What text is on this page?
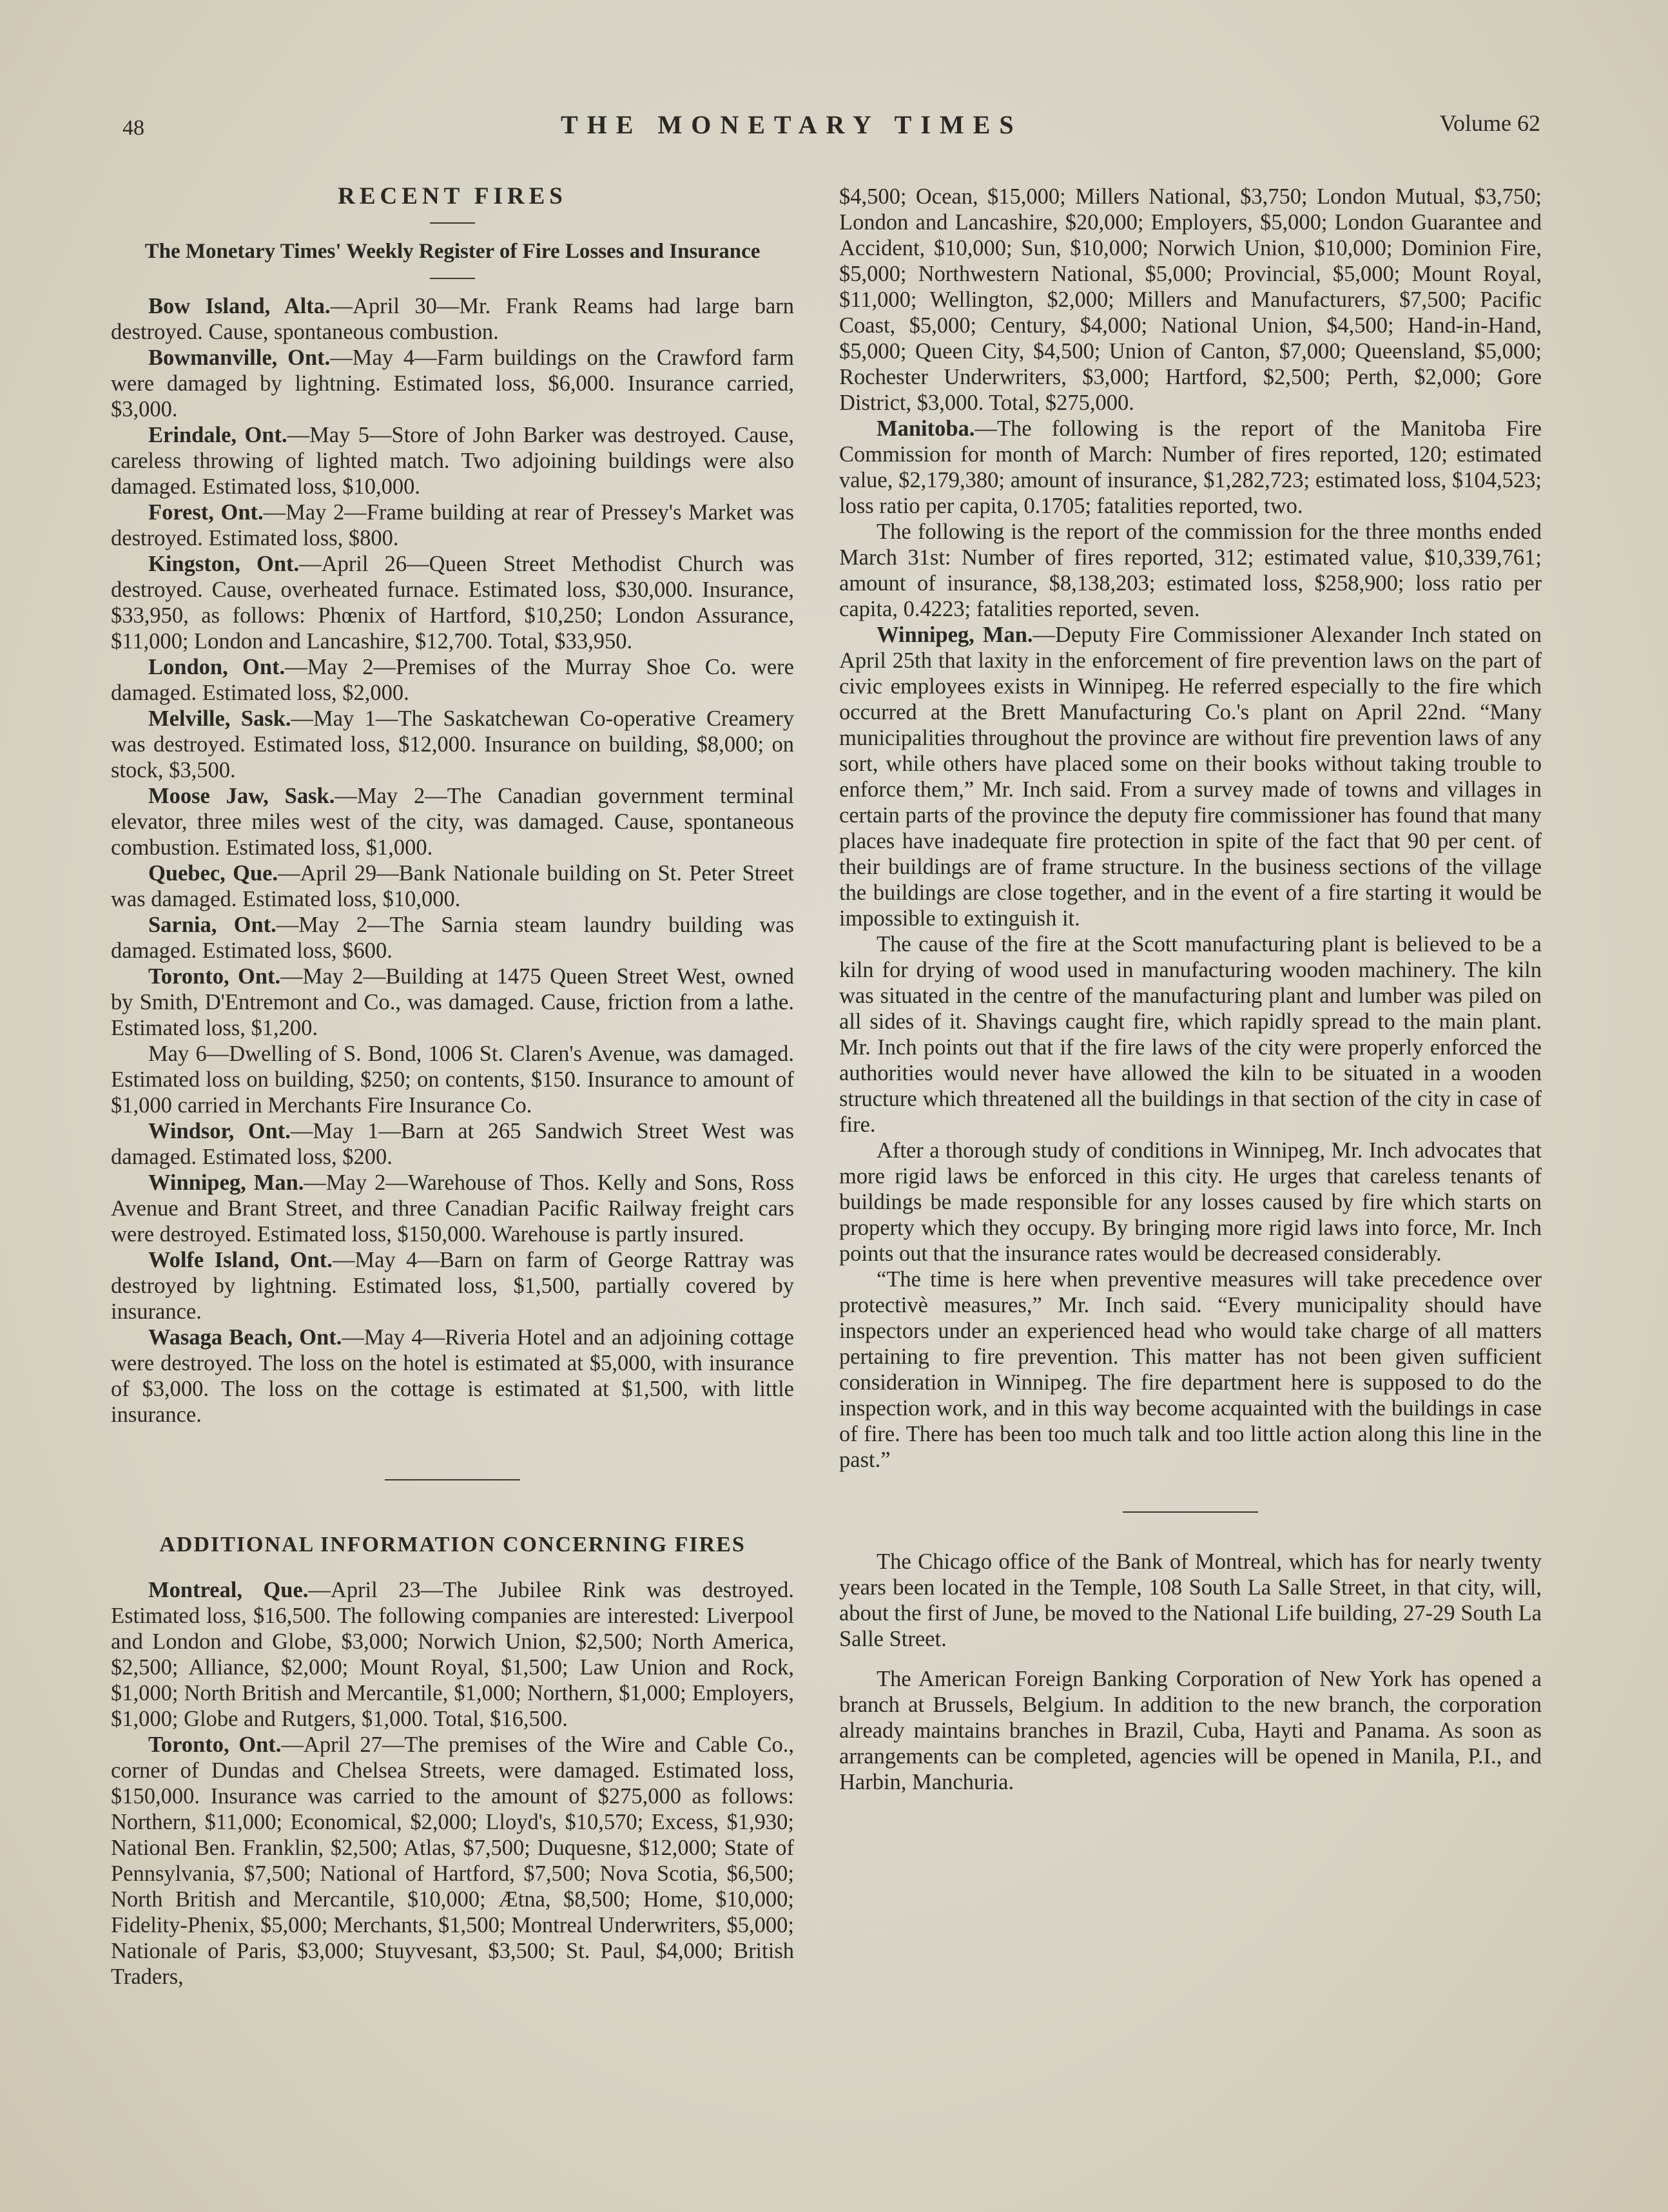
48	THE MONETARY TIMES	Volume 62
RECENT FIRES
The Monetary Times' Weekly Register of Fire Losses and Insurance

Bow Island, Alta.—April 30—Mr. Frank Reams had large barn destroyed. Cause, spontaneous combustion.

Bowmanville, Ont.—May 4—Farm buildings on the Crawford farm were damaged by lightning. Estimated loss, $6,000. Insurance carried, $3,000.

Erindale, Ont.—May 5—Store of John Barker was destroyed. Cause, careless throwing of lighted match. Two adjoining buildings were also damaged. Estimated loss, $10,000.

Forest, Ont.—May 2—Frame building at rear of Pressey's Market was destroyed. Estimated loss, $800.

Kingston, Ont.—April 26—Queen Street Methodist Church was destroyed. Cause, overheated furnace. Estimated loss, $30,000. Insurance, $33,950, as follows: Phœnix of Hartford, $10,250; London Assurance, $11,000; London and Lancashire, $12,700. Total, $33,950.

London, Ont.—May 2—Premises of the Murray Shoe Co. were damaged. Estimated loss, $2,000.

Melville, Sask.—May 1—The Saskatchewan Co-operative Creamery was destroyed. Estimated loss, $12,000. Insurance on building, $8,000; on stock, $3,500.

Moose Jaw, Sask.—May 2—The Canadian government terminal elevator, three miles west of the city, was damaged. Cause, spontaneous combustion. Estimated loss, $1,000.

Quebec, Que.—April 29—Bank Nationale building on St. Peter Street was damaged. Estimated loss, $10,000.

Sarnia, Ont.—May 2—The Sarnia steam laundry building was damaged. Estimated loss, $600.

Toronto, Ont.—May 2—Building at 1475 Queen Street West, owned by Smith, D'Entremont and Co., was damaged. Cause, friction from a lathe. Estimated loss, $1,200.

May 6—Dwelling of S. Bond, 1006 St. Claren's Avenue, was damaged. Estimated loss on building, $250; on contents, $150. Insurance to amount of $1,000 carried in Merchants Fire Insurance Co.

Windsor, Ont.—May 1—Barn at 265 Sandwich Street West was damaged. Estimated loss, $200.

Winnipeg, Man.—May 2—Warehouse of Thos. Kelly and Sons, Ross Avenue and Brant Street, and three Canadian Pacific Railway freight cars were destroyed. Estimated loss, $150,000. Warehouse is partly insured.

Wolfe Island, Ont.—May 4—Barn on farm of George Rattray was destroyed by lightning. Estimated loss, $1,500, partially covered by insurance.

Wasaga Beach, Ont.—May 4—Riveria Hotel and an adjoining cottage were destroyed. The loss on the hotel is estimated at $5,000, with insurance of $3,000. The loss on the cottage is estimated at $1,500, with little insurance.

ADDITIONAL INFORMATION CONCERNING FIRES

Montreal, Que.—April 23—The Jubilee Rink was destroyed. Estimated loss, $16,500. The following companies are interested: Liverpool and London and Globe, $3,000; Norwich Union, $2,500; North America, $2,500; Alliance, $2,000; Mount Royal, $1,500; Law Union and Rock, $1,000; North British and Mercantile, $1,000; Northern, $1,000; Employers, $1,000; Globe and Rutgers, $1,000. Total, $16,500.

Toronto, Ont.—April 27—The premises of the Wire and Cable Co., corner of Dundas and Chelsea Streets, were damaged. Estimated loss, $150,000. Insurance was carried to the amount of $275,000 as follows: Northern, $11,000; Economical, $2,000; Lloyd's, $10,570; Excess, $1,930; National Ben. Franklin, $2,500; Atlas, $7,500; Duquesne, $12,000; State of Pennsylvania, $7,500; National of Hartford, $7,500; Nova Scotia, $6,500; North British and Mercantile, $10,000; Ætna, $8,500; Home, $10,000; Fidelity-Phenix, $5,000; Merchants, $1,500; Montreal Underwriters, $5,000; Nationale of Paris, $3,000; Stuyvesant, $3,500; St. Paul, $4,000; British Traders,

$4,500; Ocean, $15,000; Millers National, $3,750; London Mutual, $3,750; London and Lancashire, $20,000; Employers, $5,000; London Guarantee and Accident, $10,000; Sun, $10,000; Norwich Union, $10,000; Dominion Fire, $5,000; Northwestern National, $5,000; Provincial, $5,000; Mount Royal, $11,000; Wellington, $2,000; Millers and Manufacturers, $7,500; Pacific Coast, $5,000; Century, $4,000; National Union, $4,500; Hand-in-Hand, $5,000; Queen City, $4,500; Union of Canton, $7,000; Queensland, $5,000; Rochester Underwriters, $3,000; Hartford, $2,500; Perth, $2,000; Gore District, $3,000. Total, $275,000.

Manitoba.—The following is the report of the Manitoba Fire Commission for month of March: Number of fires reported, 120; estimated value, $2,179,380; amount of insurance, $1,282,723; estimated loss, $104,523; loss ratio per capita, 0.1705; fatalities reported, two.

The following is the report of the commission for the three months ended March 31st: Number of fires reported, 312; estimated value, $10,339,761; amount of insurance, $8,138,203; estimated loss, $258,900; loss ratio per capita, 0.4223; fatalities reported, seven.

Winnipeg, Man.—Deputy Fire Commissioner Alexander Inch stated on April 25th that laxity in the enforcement of fire prevention laws on the part of civic employees exists in Winnipeg. He referred especially to the fire which occurred at the Brett Manufacturing Co.'s plant on April 22nd. “Many municipalities throughout the province are without fire prevention laws of any sort, while others have placed some on their books without taking trouble to enforce them,” Mr. Inch said. From a survey made of towns and villages in certain parts of the province the deputy fire commissioner has found that many places have inadequate fire protection in spite of the fact that 90 per cent. of their buildings are of frame structure. In the business sections of the village the buildings are close together, and in the event of a fire starting it would be impossible to extinguish it.

The cause of the fire at the Scott manufacturing plant is believed to be a kiln for drying of wood used in manufacturing wooden machinery. The kiln was situated in the centre of the manufacturing plant and lumber was piled on all sides of it. Shavings caught fire, which rapidly spread to the main plant. Mr. Inch points out that if the fire laws of the city were properly enforced the authorities would never have allowed the kiln to be situated in a wooden structure which threatened all the buildings in that section of the city in case of fire.

After a thorough study of conditions in Winnipeg, Mr. Inch advocates that more rigid laws be enforced in this city. He urges that careless tenants of buildings be made responsible for any losses caused by fire which starts on property which they occupy. By bringing more rigid laws into force, Mr. Inch points out that the insurance rates would be decreased considerably.

“The time is here when preventive measures will take precedence over protectivè measures,” Mr. Inch said. “Every municipality should have inspectors under an experienced head who would take charge of all matters pertaining to fire prevention. This matter has not been given sufficient consideration in Winnipeg. The fire department here is supposed to do the inspection work, and in this way become acquainted with the buildings in case of fire. There has been too much talk and too little action along this line in the past.”

The Chicago office of the Bank of Montreal, which has for nearly twenty years been located in the Temple, 108 South La Salle Street, in that city, will, about the first of June, be moved to the National Life building, 27-29 South La Salle Street.

The American Foreign Banking Corporation of New York has opened a branch at Brussels, Belgium. In addition to the new branch, the corporation already maintains branches in Brazil, Cuba, Hayti and Panama. As soon as arrangements can be completed, agencies will be opened in Manila, P.I., and Harbin, Manchuria.
